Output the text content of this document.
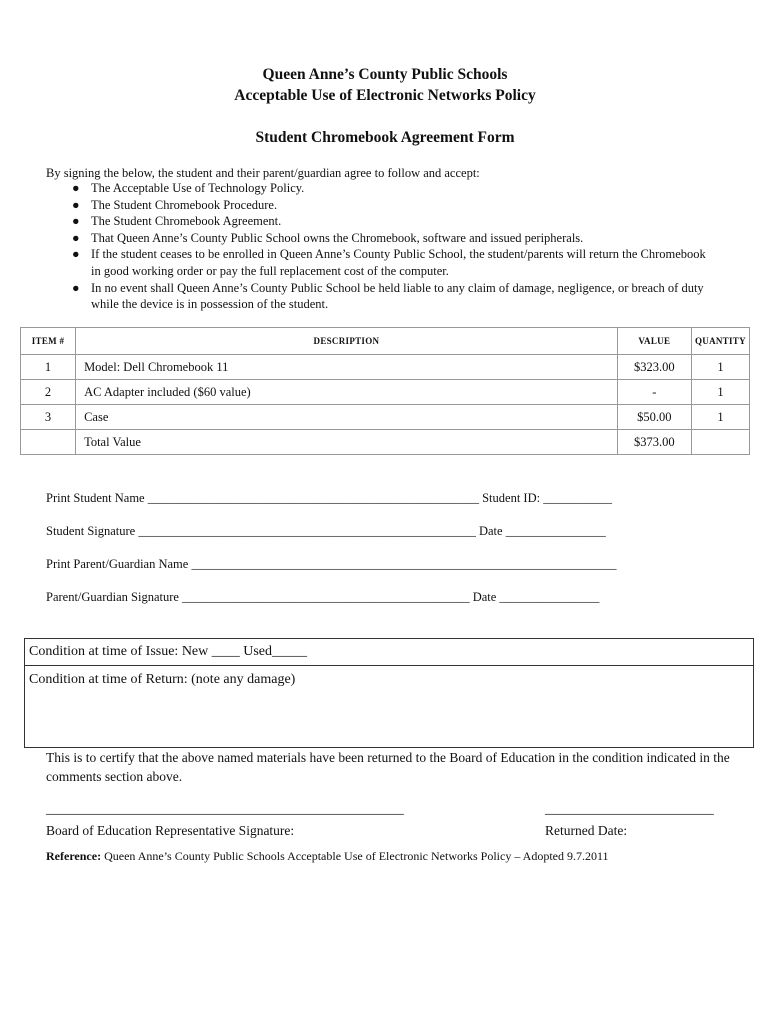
Queen Anne’s County Public Schools
Acceptable Use of Electronic Networks Policy
Student Chromebook Agreement Form
By signing the below, the student and their parent/guardian agree to follow and accept:
● The Acceptable Use of Technology Policy.
● The Student Chromebook Procedure.
● The Student Chromebook Agreement.
● That Queen Anne’s County Public School owns the Chromebook, software and issued peripherals.
● If the student ceases to be enrolled in Queen Anne’s County Public School, the student/parents will return the Chromebook in good working order or pay the full replacement cost of the computer.
● In no event shall Queen Anne’s County Public School be held liable to any claim of damage, negligence, or breach of duty while the device is in possession of the student.
ITEM #	DESCRIPTION	VALUE	QUANTITY
1	Model: Dell Chromebook 11	$323.00	1
2	AC Adapter included ($60 value)	-	1
3	Case	$50.00	1
	Total Value	$373.00	
Print Student Name _____________________________________________________ Student ID: ___________
Student Signature ______________________________________________________ Date ________________
Print Parent/Guardian Name ____________________________________________________________________
Parent/Guardian Signature ______________________________________________ Date ________________
Condition at time of Issue: New ____ Used_____
Condition at time of Return: (note any damage)
This is to certify that the above named materials have been returned to the Board of Education in the condition indicated in the comments section above.
_____________________________________________________	_________________________
Board of Education Representative Signature:	Returned Date:
Reference: Queen Anne’s County Public Schools Acceptable Use of Electronic Networks Policy – Adopted 9.7.2011
